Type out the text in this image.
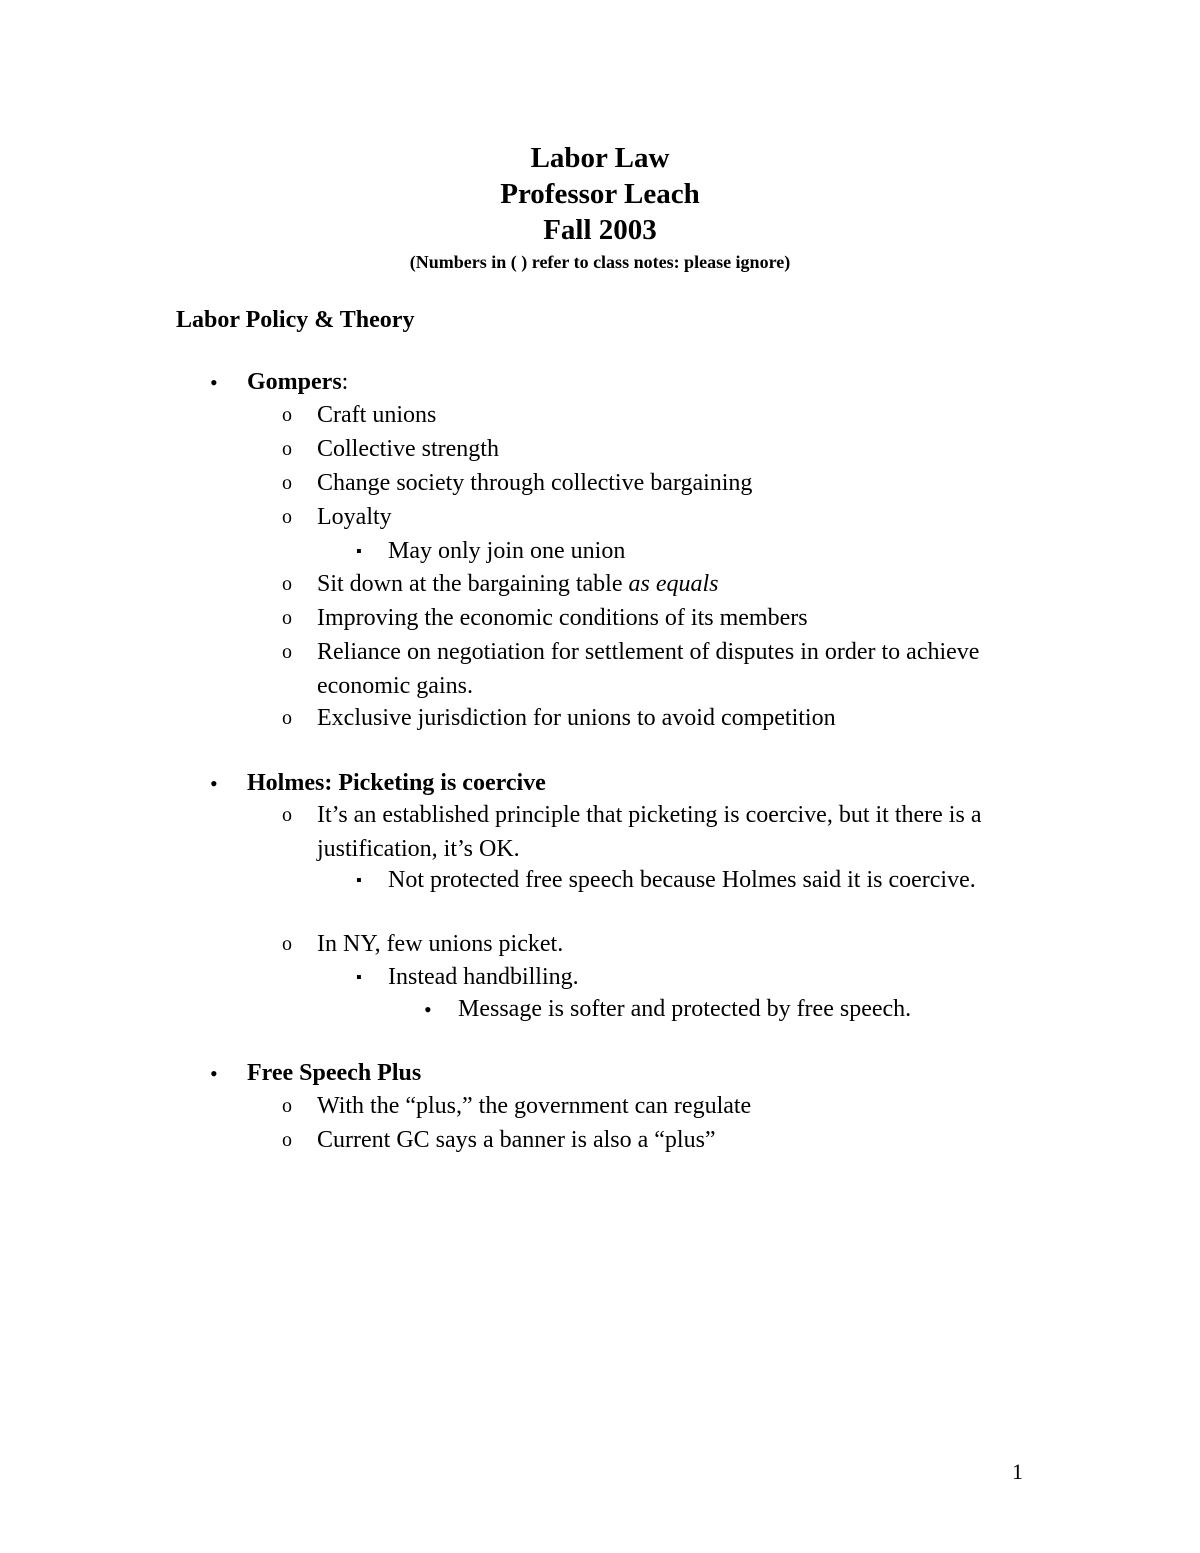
Labor Law
Professor Leach
Fall 2003
(Numbers in ( ) refer to class notes: please ignore)
Labor Policy & Theory
• Gompers:
o Craft unions
o Collective strength
o Change society through collective bargaining
o Loyalty
▪ May only join one union
o Sit down at the bargaining table as equals
o Improving the economic conditions of its members
o Reliance on negotiation for settlement of disputes in order to achieve economic gains.
o Exclusive jurisdiction for unions to avoid competition
• Holmes: Picketing is coercive
o It’s an established principle that picketing is coercive, but it there is a justification, it’s OK.
▪ Not protected free speech because Holmes said it is coercive.
o In NY, few unions picket.
▪ Instead handbilling.
• Message is softer and protected by free speech.
• Free Speech Plus
o With the “plus,” the government can regulate
o Current GC says a banner is also a “plus”
1
